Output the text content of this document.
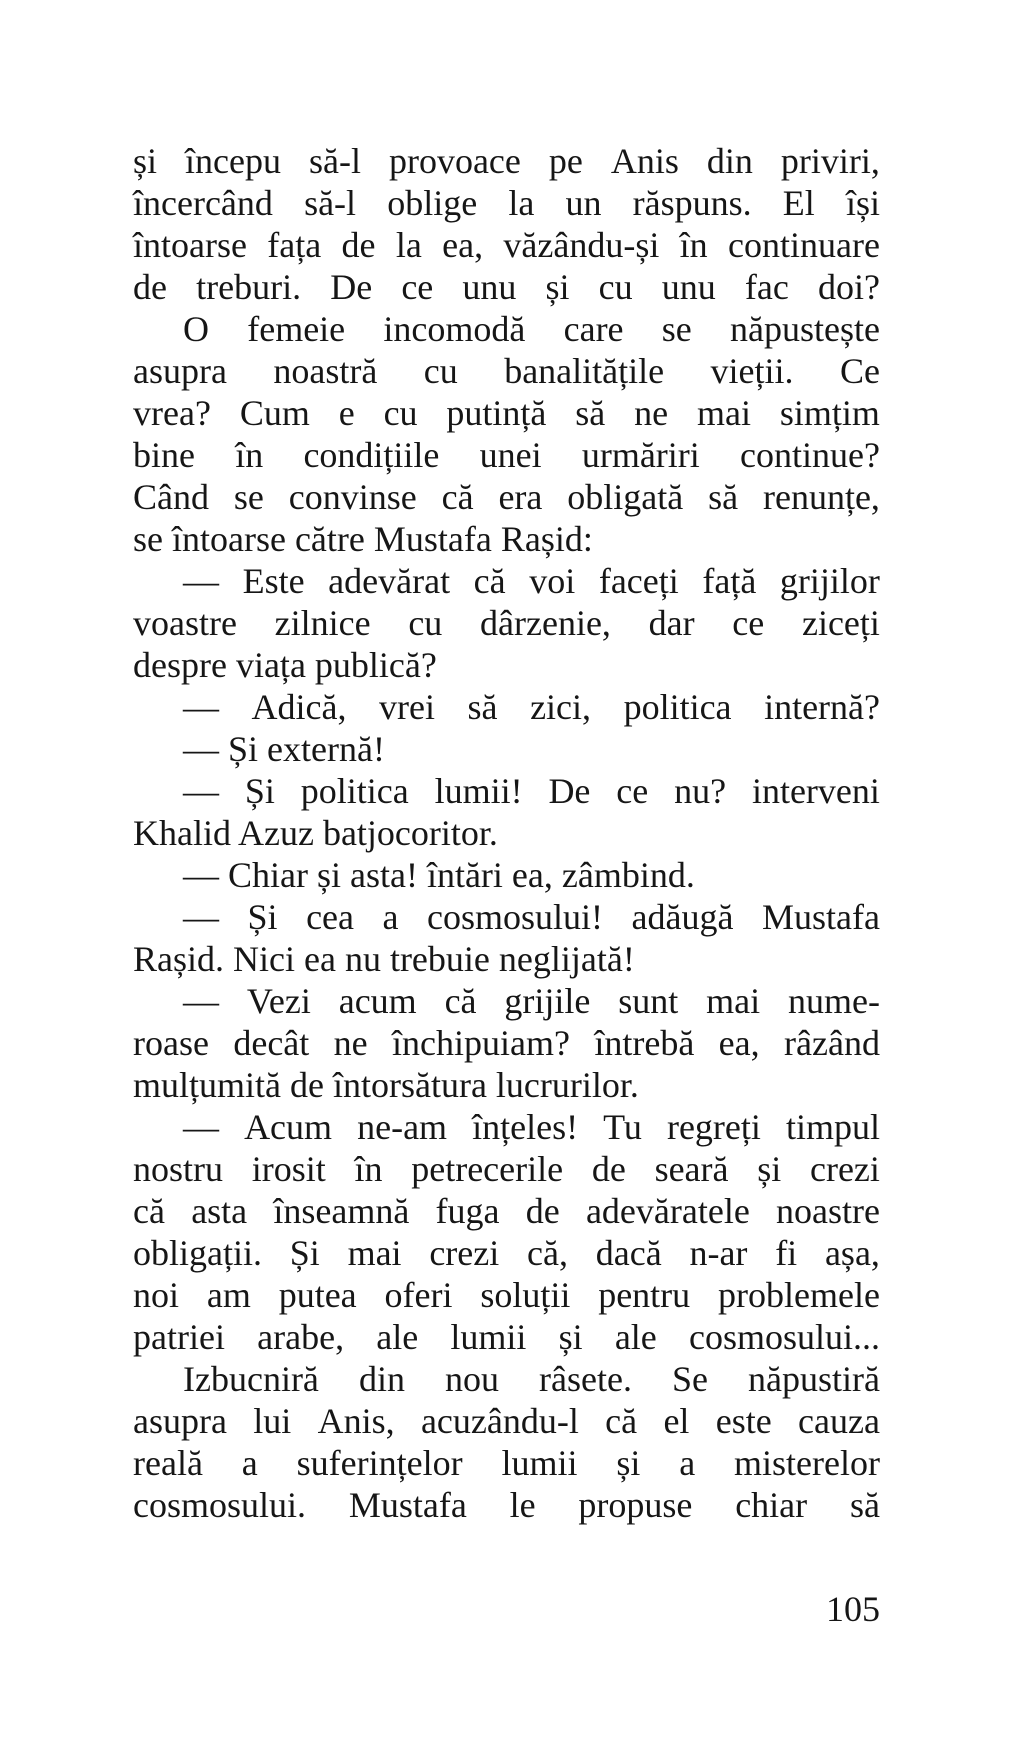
și începu să-l provoace pe Anis din priviri,
încercând să-l oblige la un răspuns. El își
întoarse fața de la ea, văzându-și în continuare
de treburi. De ce unu și cu unu fac doi?
O femeie incomodă care se năpustește
asupra noastră cu banalitățile vieții. Ce
vrea? Cum e cu putință să ne mai simțim
bine în condițiile unei urmăriri continue?
Când se convinse că era obligată să renunțe,
se întoarse către Mustafa Rașid:
— Este adevărat că voi faceți față grijilor
voastre zilnice cu dârzenie, dar ce ziceți
despre viața publică?
— Adică, vrei să zici, politica internă?
— Și externă!
— Și politica lumii! De ce nu? interveni
Khalid Azuz batjocoritor.
— Chiar și asta! întări ea, zâmbind.
— Și cea a cosmosului! adăugă Mustafa
Rașid. Nici ea nu trebuie neglijată!
— Vezi acum că grijile sunt mai nume-
roase decât ne închipuiam? întrebă ea, râzând
mulțumită de întorsătura lucrurilor.
— Acum ne-am înțeles! Tu regreți timpul
nostru irosit în petrecerile de seară și crezi
că asta înseamnă fuga de adevăratele noastre
obligații. Și mai crezi că, dacă n-ar fi așa,
noi am putea oferi soluții pentru problemele
patriei arabe, ale lumii și ale cosmosului...
Izbucniră din nou râsete. Se năpustiră
asupra lui Anis, acuzându-l că el este cauza
reală a suferințelor lumii și a misterelor
cosmosului. Mustafa le propuse chiar să
105
